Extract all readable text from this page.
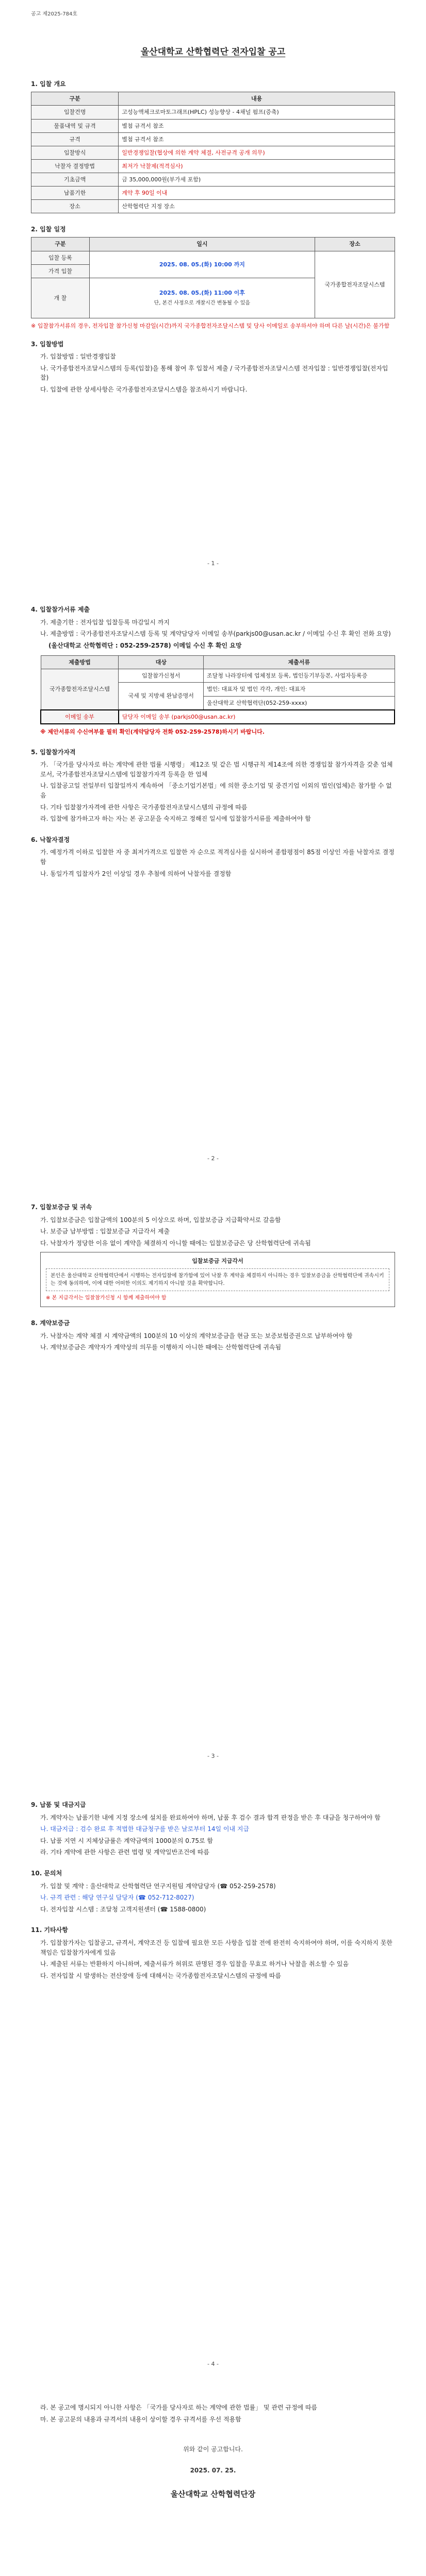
공고 제2025-784호
울산대학교 산학협력단 전자입찰 공고
1. 입찰 개요
구분	내용
입찰건명	고성능액체크로마토그래프(HPLC) 성능향상 - 4채널 펌프(증축)
물품내역 및 규격	별첨 규격서 참조
규격	별첨 규격서 참조
입찰방식	일반경쟁입찰(협상에 의한 계약 체결, 사전규격 공개 의무)
낙찰자 결정방법	최저가 낙찰제(적격심사)
기초금액	금 35,000,000원(부가세 포함)
납품기한	계약 후 90일 이내
장소	산학협력단 지정 장소
2. 입찰 일정
구분	일시	장소
입찰 등록	2025. 08. 05.(화) 10:00 까지	국가종합전자조달시스템
가격 입찰		
개 찰	2025. 08. 05.(화) 11:00 이후
단, 본건 사정으로 개찰시간 변동될 수 있음	
※ 입찰참가서류의 경우, 전자입찰 참가신청 마감일(시간)까지 국가종합전자조달시스템 및 당사 이메일로 송부하셔야 하며 다른 날(시간)은 불가함
3. 입찰방법
가. 입찰방법 : 일반경쟁입찰
나. 국가종합전자조달시스템의 등록(입찰)을 통해 참여 후 입찰서 제출 / 국가종합전자조달시스템 전자입찰 : 일반경쟁입찰(전자입찰)
다. 입찰에 관한 상세사항은 국가종합전자조달시스템을 참조하시기 바랍니다.
- 1 -
4. 입찰참가서류 제출
가. 제출기한 : 전자입찰 입찰등록 마감일시 까지
나. 제출방법 : 국가종합전자조달시스템 등록 및 계약담당자 이메일 송부(parkjs00@usan.ac.kr / 이메일 수신 후 확인 전화 요망)
(울산대학교 산학협력단 : 052-259-2578) 이메일 수신 후 확인 요망
제출방법	대상	제출서류
국가종합전자조달시스템	입찰참가신청서	조달청 나라장터에 업체정보 등록, 법인등기부등본, 사업자등록증
	국세 및 지방세 완납증명서	법인: 대표자 및 법인 각각, 개인: 대표자
		울산대학교 산학협력단(052-259-xxxx)
이메일 송부	담당자 이메일 송부 (parkjs00@usan.ac.kr)	
※ 제안서류의 수신여부를 필히 확인(계약담당자 전화 052-259-2578)하시기 바랍니다.
5. 입찰참가자격
가. 「국가를 당사자로 하는 계약에 관한 법률 시행령」 제12조 및 같은 법 시행규칙 제14조에 의한 경쟁입찰 참가자격을 갖춘 업체로서, 국가종합전자조달시스템에 입찰참가자격 등록을 한 업체
나. 입찰공고일 전일부터 입찰일까지 계속하여 「중소기업기본법」에 의한 중소기업 및 중견기업 이외의 법인(업체)은 참가할 수 없음
다. 기타 입찰참가자격에 관한 사항은 국가종합전자조달시스템의 규정에 따름
라. 입찰에 참가하고자 하는 자는 본 공고문을 숙지하고 정해진 일시에 입찰참가서류를 제출하여야 함
6. 낙찰자결정
가. 예정가격 이하로 입찰한 자 중 최저가격으로 입찰한 자 순으로 적격심사를 실시하여 종합평점이 85점 이상인 자를 낙찰자로 결정함
나. 동일가격 입찰자가 2인 이상일 경우 추첨에 의하여 낙찰자를 결정함
- 2 -
7. 입찰보증금 및 귀속
가. 입찰보증금은 입찰금액의 100분의 5 이상으로 하며, 입찰보증금 지급확약서로 갈음함
나. 보증금 납부방법 : 입찰보증금 지급각서 제출
다. 낙찰자가 정당한 이유 없이 계약을 체결하지 아니할 때에는 입찰보증금은 당 산학협력단에 귀속됨
입찰보증금 지급각서
본인은 울산대학교 산학협력단에서 시행하는 전자입찰에 참가함에 있어 낙찰 후 계약을 체결하지 아니하는 경우 입찰보증금을 산학협력단에 귀속시키는 것에 동의하며, 이에 대한 어떠한 이의도 제기하지 아니할 것을 확약합니다.
※ 본 지급각서는 입찰참가신청 시 함께 제출하여야 함
8. 계약보증금
가. 낙찰자는 계약 체결 시 계약금액의 100분의 10 이상의 계약보증금을 현금 또는 보증보험증권으로 납부하여야 함
나. 계약보증금은 계약자가 계약상의 의무를 이행하지 아니한 때에는 산학협력단에 귀속됨
- 3 -
9. 납품 및 대금지급
가. 계약자는 납품기한 내에 지정 장소에 설치를 완료하여야 하며, 납품 후 검수 결과 합격 판정을 받은 후 대금을 청구하여야 함
나. 대금지급 : 검수 완료 후 적법한 대금청구를 받은 날로부터 14일 이내 지급
다. 납품 지연 시 지체상금률은 계약금액의 1000분의 0.75로 함
라. 기타 계약에 관한 사항은 관련 법령 및 계약일반조건에 따름
10. 문의처
가. 입찰 및 계약 : 울산대학교 산학협력단 연구지원팀 계약담당자 (☎ 052-259-2578)
나. 규격 관련 : 해당 연구실 담당자 (☎ 052-712-8027)
다. 전자입찰 시스템 : 조달청 고객지원센터 (☎ 1588-0800)
11. 기타사항
가. 입찰참가자는 입찰공고, 규격서, 계약조건 등 입찰에 필요한 모든 사항을 입찰 전에 완전히 숙지하여야 하며, 이를 숙지하지 못한 책임은 입찰참가자에게 있음
나. 제출된 서류는 반환하지 아니하며, 제출서류가 허위로 판명된 경우 입찰을 무효로 하거나 낙찰을 취소할 수 있음
다. 전자입찰 시 발생하는 전산장애 등에 대해서는 국가종합전자조달시스템의 규정에 따름
- 4 -
라. 본 공고에 명시되지 아니한 사항은 「국가를 당사자로 하는 계약에 관한 법률」 및 관련 규정에 따름
마. 본 공고문의 내용과 규격서의 내용이 상이할 경우 규격서를 우선 적용함
위와 같이 공고합니다.
2025. 07. 25.
울산대학교 산학협력단장
